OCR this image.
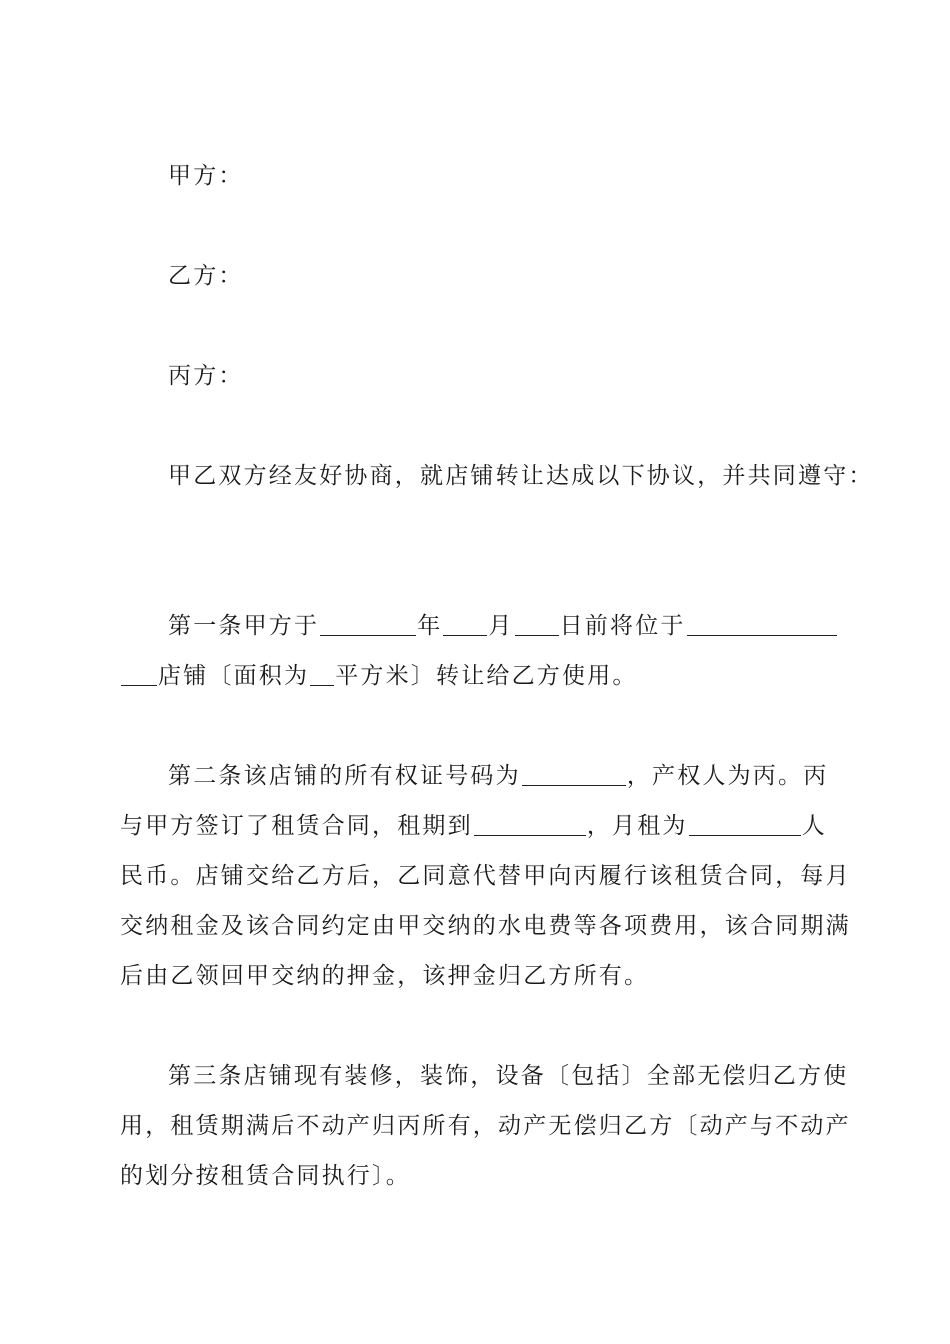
甲方：
乙方：
丙方：
甲乙双方经友好协商，就店铺转让达成以下协议，并共同遵守：
第一条甲方于	年 月 日前将位于
店铺〔面积为 平方米〕转让给乙方使用。
第二条该店铺的所有权证号码为	，产权人为丙。丙
与甲方签订了租赁合同，租期到	，月租为	人
民币。店铺交给乙方后，乙同意代替甲向丙履行该租赁合同，每月
交纳租金及该合同约定由甲交纳的水电费等各项费用，该合同期满
后由乙领回甲交纳的押金，该押金归乙方所有。
第三条店铺现有装修，装饰，设备〔包括〕全部无偿归乙方使
用，租赁期满后不动产归丙所有，动产无偿归乙方〔动产与不动产
的划分按租赁合同执行〕。
